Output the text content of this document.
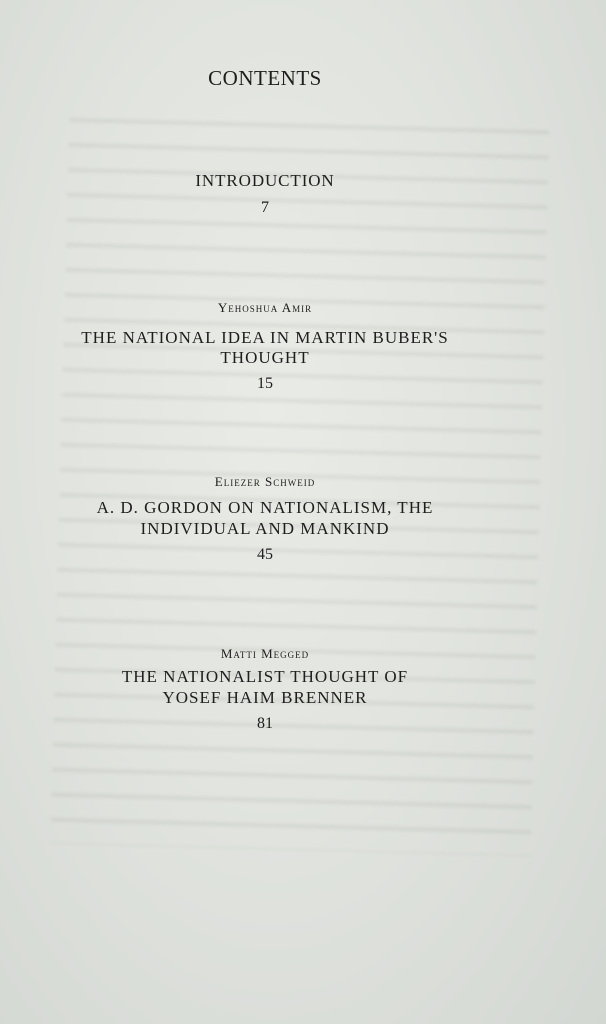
CONTENTS
INTRODUCTION
7
Yehoshua Amir
THE NATIONAL IDEA IN MARTIN BUBER'S
THOUGHT
15
Eliezer Schweid
A. D. GORDON ON NATIONALISM, THE
INDIVIDUAL AND MANKIND
45
Matti Megged
THE NATIONALIST THOUGHT OF
YOSEF HAIM BRENNER
81
